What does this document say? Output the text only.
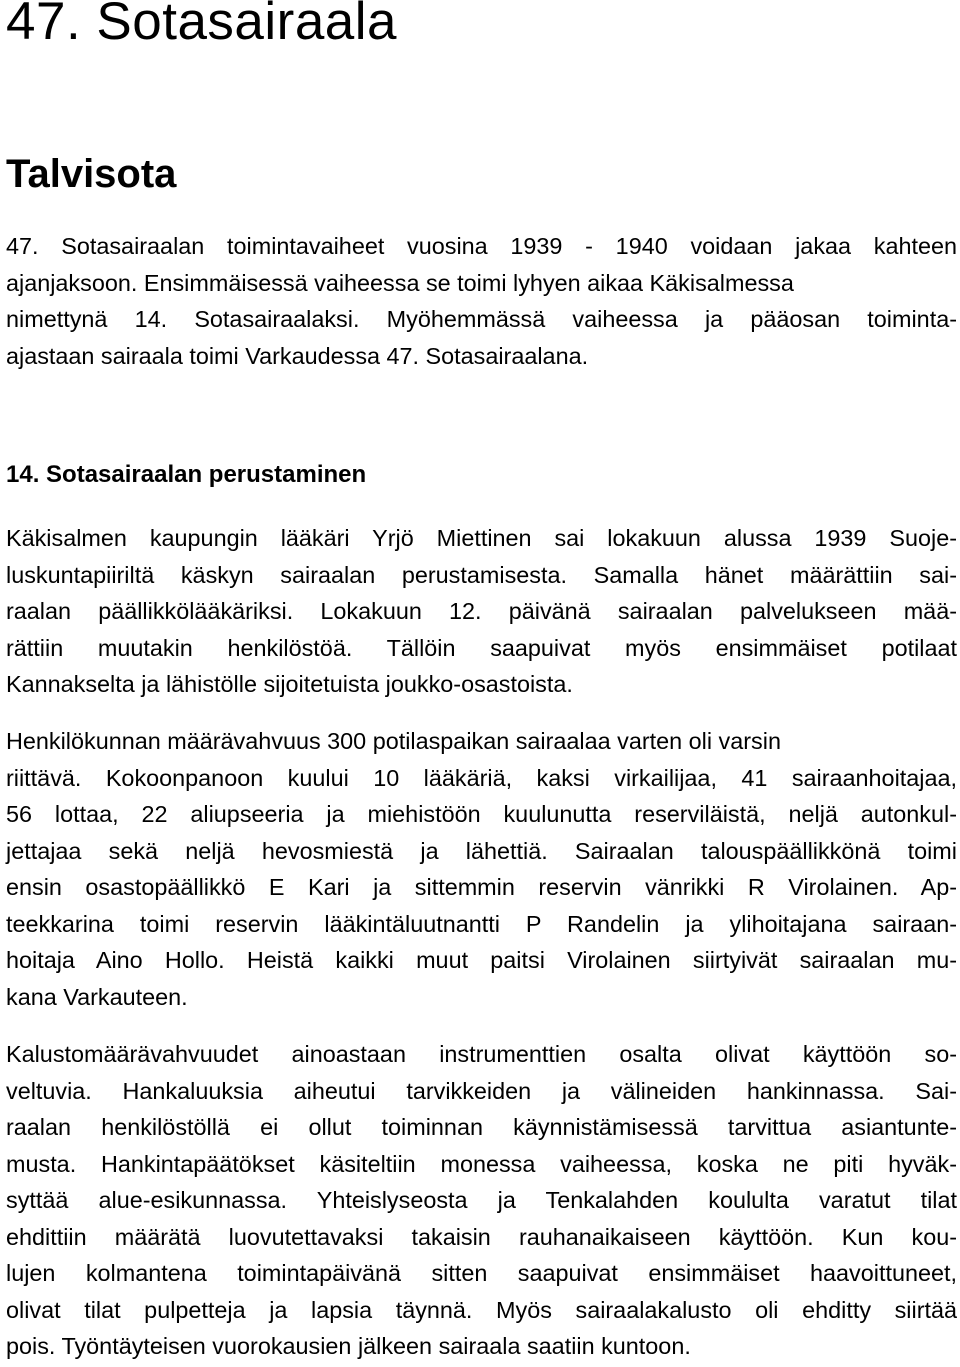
47. Sotasairaala
Talvisota
47. Sotasairaalan toimintavaiheet vuosina 1939 - 1940 voidaan jakaa kahteen
ajanjaksoon. Ensimmäisessä vaiheessa se toimi lyhyen aikaa Käkisalmessa
nimettynä 14. Sotasairaalaksi. Myöhemmässä vaiheessa ja pääosan toiminta-
ajastaan sairaala toimi Varkaudessa 47. Sotasairaalana.
14. Sotasairaalan perustaminen
Käkisalmen kaupungin lääkäri Yrjö Miettinen sai lokakuun alussa 1939 Suoje-
luskuntapiiriltä käskyn sairaalan perustamisesta. Samalla hänet määrättiin sai-
raalan päällikkölääkäriksi. Lokakuun 12. päivänä sairaalan palvelukseen mää-
rättiin muutakin henkilöstöä. Tällöin saapuivat myös ensimmäiset potilaat
Kannakselta ja lähistölle sijoitetuista joukko-osastoista.
Henkilökunnan määrävahvuus 300 potilaspaikan sairaalaa varten oli varsin
riittävä. Kokoonpanoon kuului 10 lääkäriä, kaksi virkailijaa, 41 sairaanhoitajaa,
56 lottaa, 22 aliupseeria ja miehistöön kuulunutta reserviläistä, neljä autonkul-
jettajaa sekä neljä hevosmiestä ja lähettiä. Sairaalan talouspäällikkönä toimi
ensin osastopäällikkö E Kari ja sittemmin reservin vänrikki R Virolainen. Ap-
teekkarina toimi reservin lääkintäluutnantti P Randelin ja ylihoitajana sairaan-
hoitaja Aino Hollo. Heistä kaikki muut paitsi Virolainen siirtyivät sairaalan mu-
kana Varkauteen.
Kalustomäärävahvuudet ainoastaan instrumenttien osalta olivat käyttöön so-
veltuvia. Hankaluuksia aiheutui tarvikkeiden ja välineiden hankinnassa. Sai-
raalan henkilöstöllä ei ollut toiminnan käynnistämisessä tarvittua asiantunte-
musta. Hankintapäätökset käsiteltiin monessa vaiheessa, koska ne piti hyväk-
syttää alue-esikunnassa. Yhteislyseosta ja Tenkalahden koululta varatut tilat
ehdittiin määrätä luovutettavaksi takaisin rauhanaikaiseen käyttöön. Kun kou-
lujen kolmantena toimintapäivänä sitten saapuivat ensimmäiset haavoittuneet,
olivat tilat pulpetteja ja lapsia täynnä. Myös sairaalakalusto oli ehditty siirtää
pois. Työntäyteisen vuorokausien jälkeen sairaala saatiin kuntoon.
